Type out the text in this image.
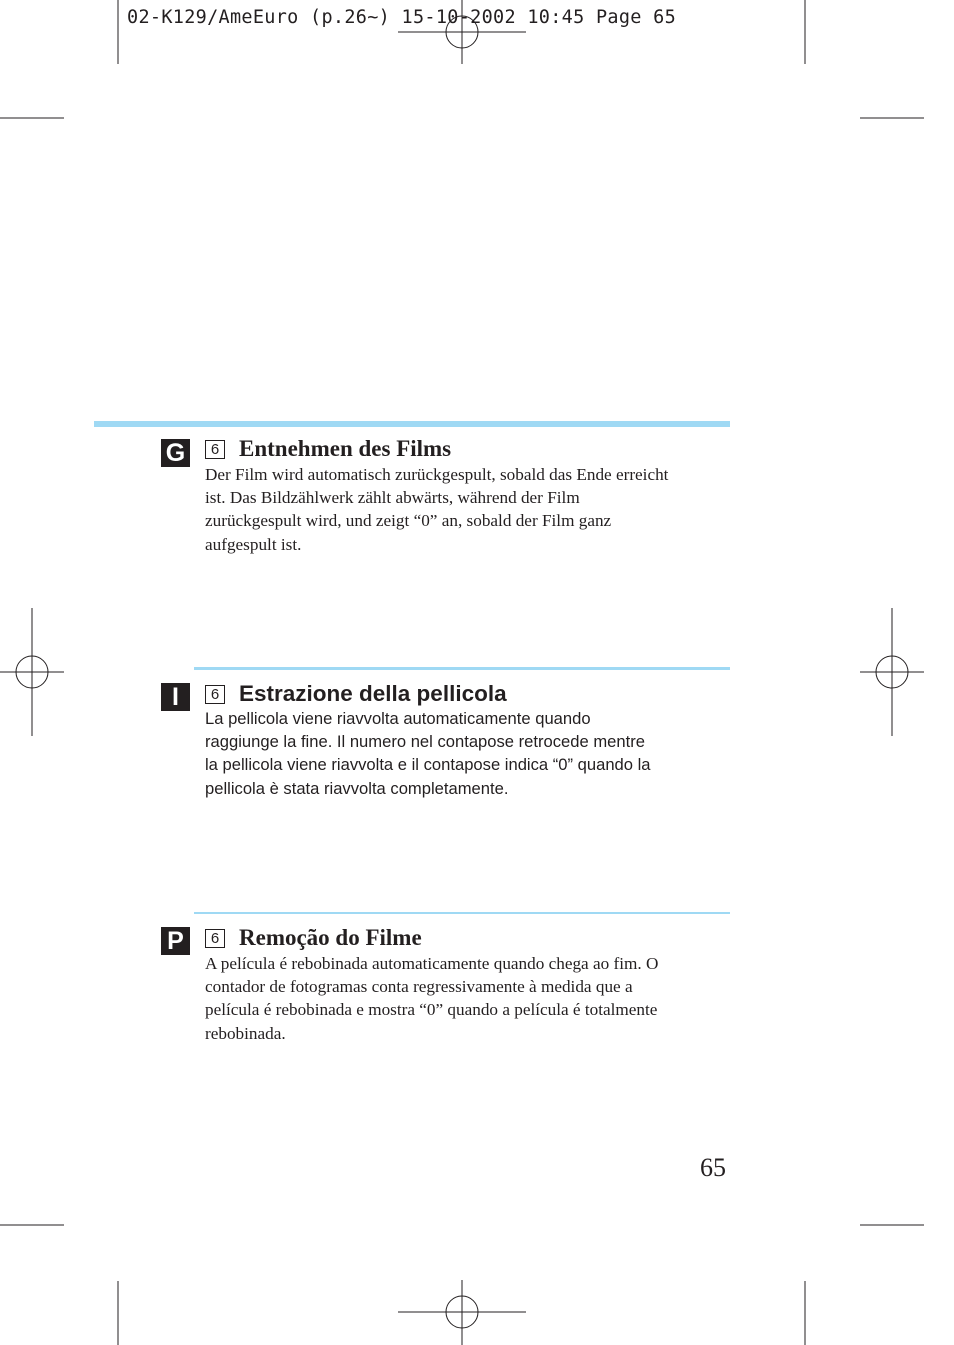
02-K129/AmeEuro (p.26~) 15-10-2002 10:45 Page 65
G	6 Entnehmen des Films
Der Film wird automatisch zurückgespult, sobald das Ende erreicht
ist. Das Bildzählwerk zählt abwärts, während der Film
zurückgespult wird, und zeigt “0” an, sobald der Film ganz
aufgespult ist.
I	6 Estrazione della pellicola
La pellicola viene riavvolta automaticamente quando
raggiunge la fine. Il numero nel contapose retrocede mentre
la pellicola viene riavvolta e il contapose indica “0” quando la
pellicola è stata riavvolta completamente.
P	6 Remoção do Filme
A película é rebobinada automaticamente quando chega ao fim. O
contador de fotogramas conta regressivamente à medida que a
película é rebobinada e mostra “0” quando a película é totalmente
rebobinada.
65
